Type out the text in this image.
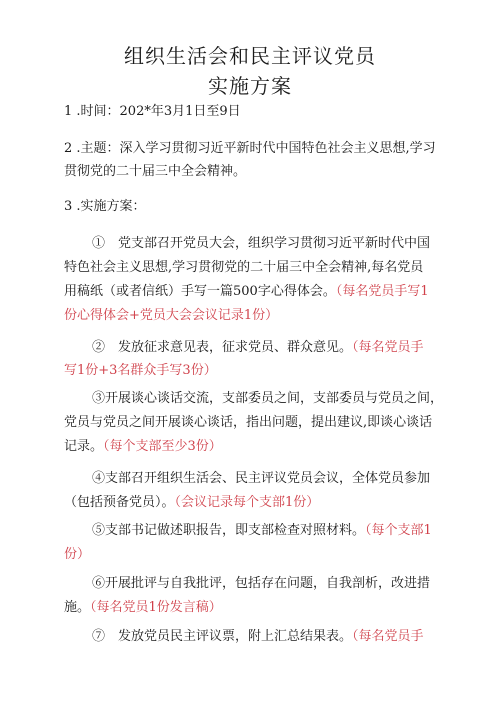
组织生活会和民主评议党员
实施方案
1 .时间：202*年3月1日至9日
2 .主题：深入学习贯彻习近平新时代中国特色社会主义思想,学习
贯彻党的二十届三中全会精神。
3 .实施方案：
①　党支部召开党员大会，组织学习贯彻习近平新时代中国
特色社会主义思想,学习贯彻党的二十届三中全会精神,每名党员
用稿纸（或者信纸）手写一篇500字心得体会。（每名党员手写1
份心得体会+党员大会会议记录1份）
②　发放征求意见表，征求党员、群众意见。（每名党员手
写1份+3名群众手写3份）
③开展谈心谈话交流，支部委员之间，支部委员与党员之间，
党员与党员之间开展谈心谈话，指出问题，提出建议,即谈心谈话
记录。（每个支部至少3份）
④支部召开组织生活会、民主评议党员会议，全体党员参加
（包括预备党员）。（会议记录每个支部1份）
⑤支部书记做述职报告，即支部检查对照材料。（每个支部1
份）
⑥开展批评与自我批评，包括存在问题，自我剖析，改进措
施。（每名党员1份发言稿）
⑦　发放党员民主评议票，附上汇总结果表。（每名党员手
